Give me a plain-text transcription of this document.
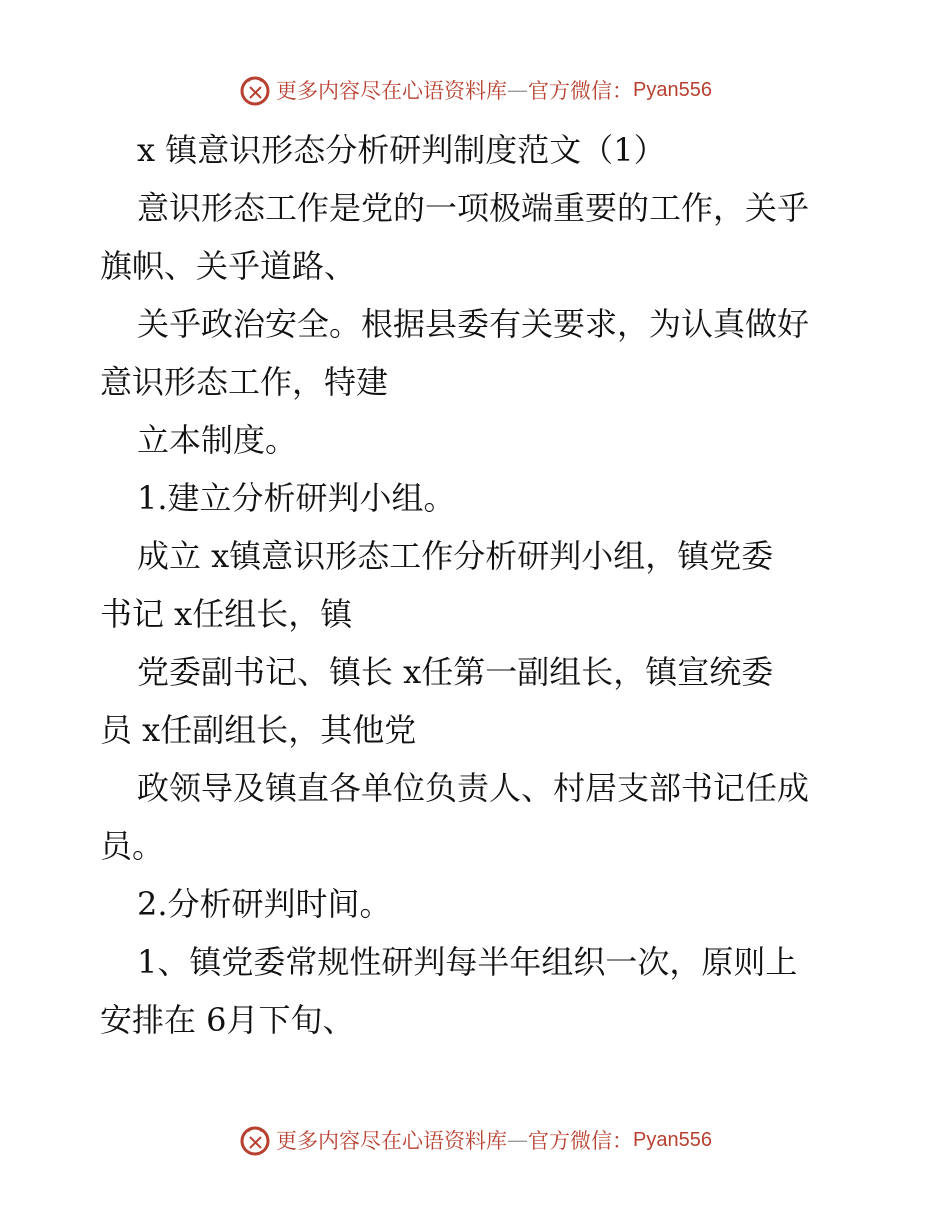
更多内容尽在心语资料库 — 官方微信： Pyan556
x 镇意识形态分析研判制度范文（1）
意识形态工作是党的一项极端重要的工作，关乎
旗帜、关乎道路、
关乎政治安全。根据县委有关要求，为认真做好
意识形态工作，特建
立本制度。
1.建立分析研判小组。
成立 x镇意识形态工作分析研判小组，镇党委
书记 x任组长，镇
党委副书记、镇长 x任第一副组长，镇宣统委
员 x任副组长，其他党
政领导及镇直各单位负责人、村居支部书记任成
员。
2.分析研判时间。
1、镇党委常规性研判每半年组织一次，原则上
安排在 6月下旬、
更多内容尽在心语资料库 — 官方微信： Pyan556
